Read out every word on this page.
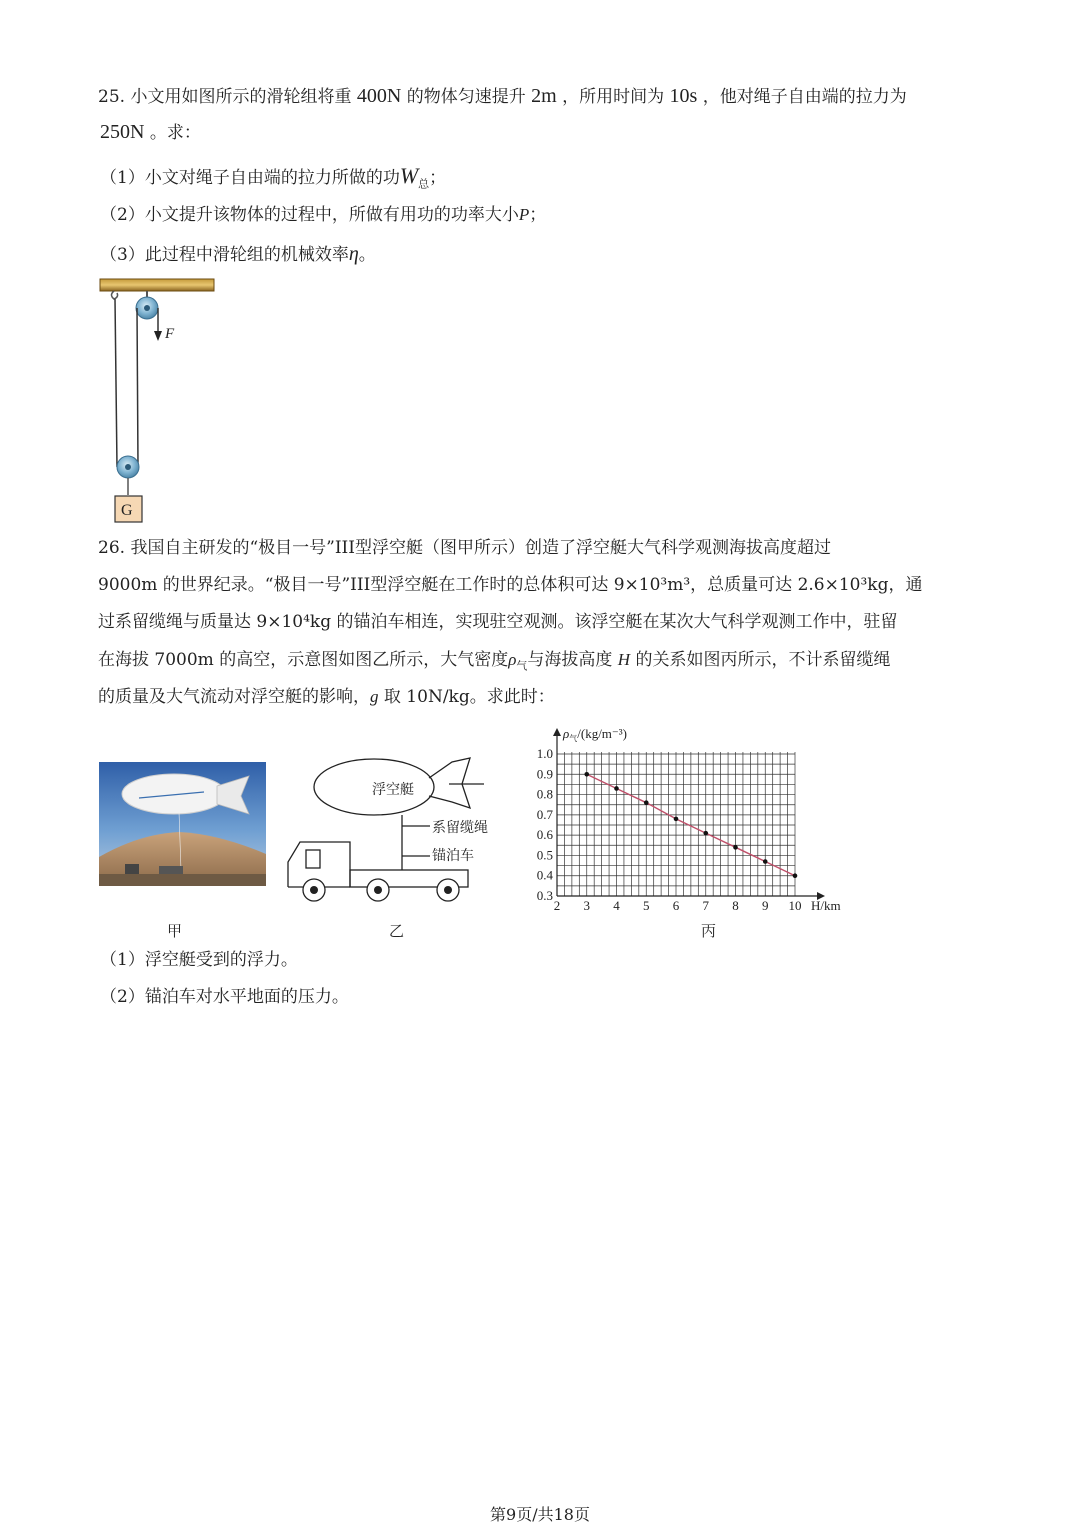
25. 小文用如图所示的滑轮组将重 400N 的物体匀速提升 2m ，所用时间为 10s ，他对绳子自由端的拉力为
250N 。求：
（1）小文对绳子自由端的拉力所做的功$W_总$；
（2）小文提升该物体的过程中，所做有用功的功率大小P；
（3）此过程中滑轮组的机械效率η。
F
G
26. 我国自主研发的“极目一号”III型浮空艇（图甲所示）创造了浮空艇大气科学观测海拔高度超过
9000m 的世界纪录。“极目一号”III型浮空艇在工作时的总体积可达 9×10³m³，总质量可达 2.6×10³kg，通
过系留缆绳与质量达 9×10⁴kg 的锚泊车相连，实现驻空观测。该浮空艇在某次大气科学观测工作中，驻留
在海拔 7000m 的高空，示意图如图乙所示，大气密度$\rho_气$与海拔高度 H 的关系如图丙所示，不计系留缆绳
的质量及大气流动对浮空艇的影响，g 取 10N/kg。求此时：
浮空艇
系留缆绳
锚泊车
2 3 4 5 6 7 8 9 10
0.3
0.4
0.5
0.6
0.7
0.8
0.9
1.0
H/km
$\rho_气/(kg/m^{-3})$
甲	乙	丙
（1）浮空艇受到的浮力。
（2）锚泊车对水平地面的压力。
第9页/共18页
